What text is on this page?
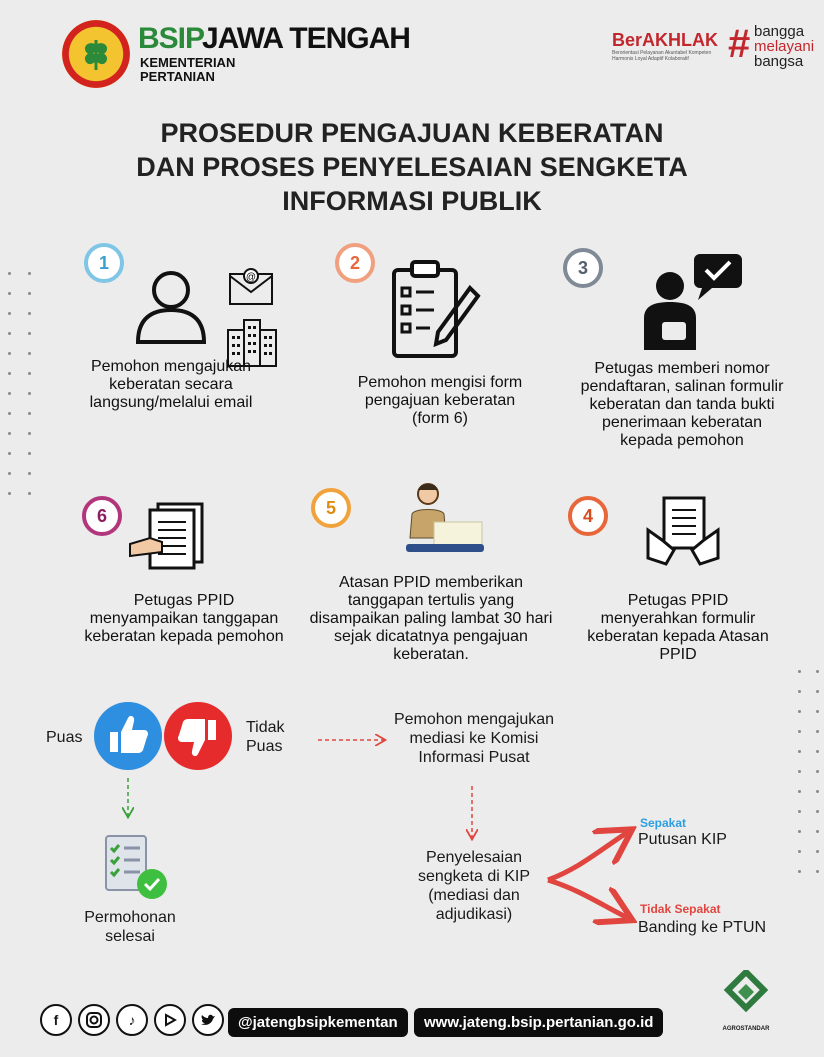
BSIP
JAWA TENGAH
KEMENTERIAN
PERTANIAN
BerAKHLAK
Berorientasi Pelayanan Akuntabel Kompeten Harmonis Loyal Adaptif Kolaboratif # bangga
melayani
bangsa
PROSEDUR PENGAJUAN KEBERATAN
DAN PROSES PENYELESAIAN SENGKETA
INFORMASI PUBLIK
1
@
Pemohon mengajukan keberatan secara langsung/melalui email
2
Pemohon mengisi form pengajuan keberatan (form 6)
3
Petugas memberi nomor pendaftaran, salinan formulir keberatan dan tanda bukti penerimaan keberatan kepada pemohon
6
Petugas PPID menyampaikan tanggapan keberatan kepada pemohon
5
Atasan PPID memberikan tanggapan tertulis yang disampaikan paling lambat 30 hari sejak dicatatnya pengajuan keberatan.
4
Petugas PPID menyerahkan formulir keberatan kepada Atasan PPID
Puas
Tidak
Puas
Pemohon mengajukan mediasi ke Komisi Informasi Pusat
Permohonan
selesai
Penyelesaian sengketa di KIP (mediasi dan adjudikasi)
Sepakat
Putusan KIP
Tidak Sepakat
Banding ke PTUN
f	♪	@jatengbsipkementan	www.jateng.bsip.pertanian.go.id	AGROSTANDAR
